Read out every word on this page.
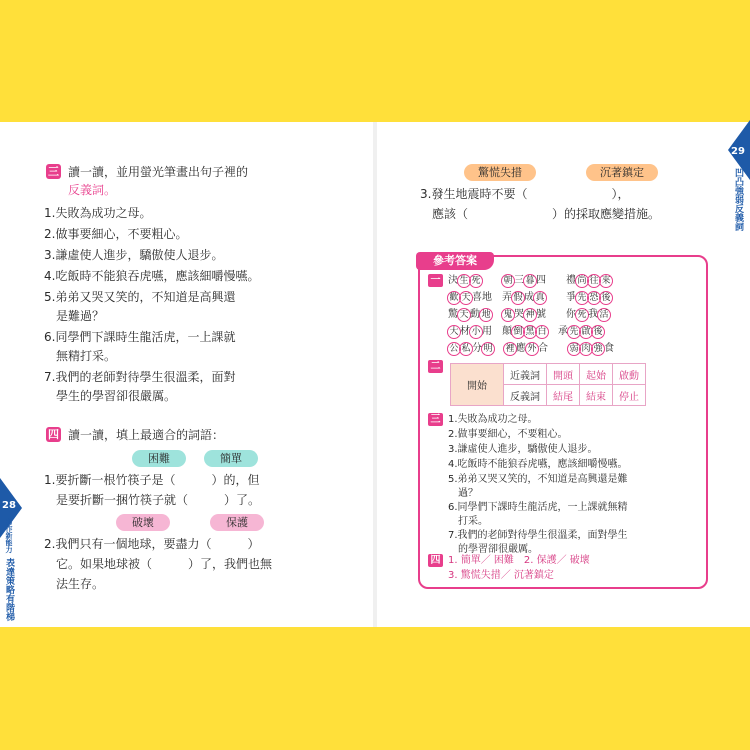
28
寫作新能力
表達策略有階梯
29
凹凸強弱反義詞
三 讀一讀，並用螢光筆畫出句子裡的
反義詞。
1.失敗為成功之母。
2.做事要細心，不要粗心。
3.謙虛使人進步，驕傲使人退步。
4.吃飯時不能狼吞虎嚥，應該細嚼慢嚥。
5.弟弟又哭又笑的，不知道是高興還
是難過？
6.同學們下課時生龍活虎，一上課就
無精打采。
7.我們的老師對待學生很溫柔，面對
學生的學習卻很嚴厲。
四 讀一讀，填上最適合的詞語：
困難	簡單
1.要折斷一根竹筷子是（　　　）的，但
是要折斷一捆竹筷子就（　　　）了。
破壞	保護
2.我們只有一個地球，要盡力（　　　）
它。如果地球被（　　　）了，我們也無
法生存。
驚慌失措	沉著鎮定
3.發生地震時不要（　　　　　　　），
應該（　　　　　　　）的採取應變措施。
參考答案
一 決生 死　　	朝 三暮 四　　禮尚 往 來
歡 天 喜地　弄假 成真　　爭先 恐 後
驚天 動地　 鬼 哭神 號　　你死 我活
大 材小 用　顛倒 黑 白　承先 啟 後
公 私 分明　 裡 應外 合　　弱 肉 強 食
二
開始	近義詞	開頭	起始	啟動
	反義詞	結尾	結束	停止
三 1.失敗為成功之母。
2.做事要細心，不要粗心。
3.謙虛使人進步，驕傲使人退步。
4.吃飯時不能狼吞虎嚥，應該細嚼慢嚥。
5.弟弟又哭又笑的，不知道是高興還是難
　過？
6.同學們下課時生龍活虎，一上課就無精
　打采。
7.我們的老師對待學生很溫柔，面對學生
　的學習卻很嚴厲。
四 1. 簡單／ 困難　2. 保護／ 破壞
3. 驚慌失措／ 沉著鎮定
